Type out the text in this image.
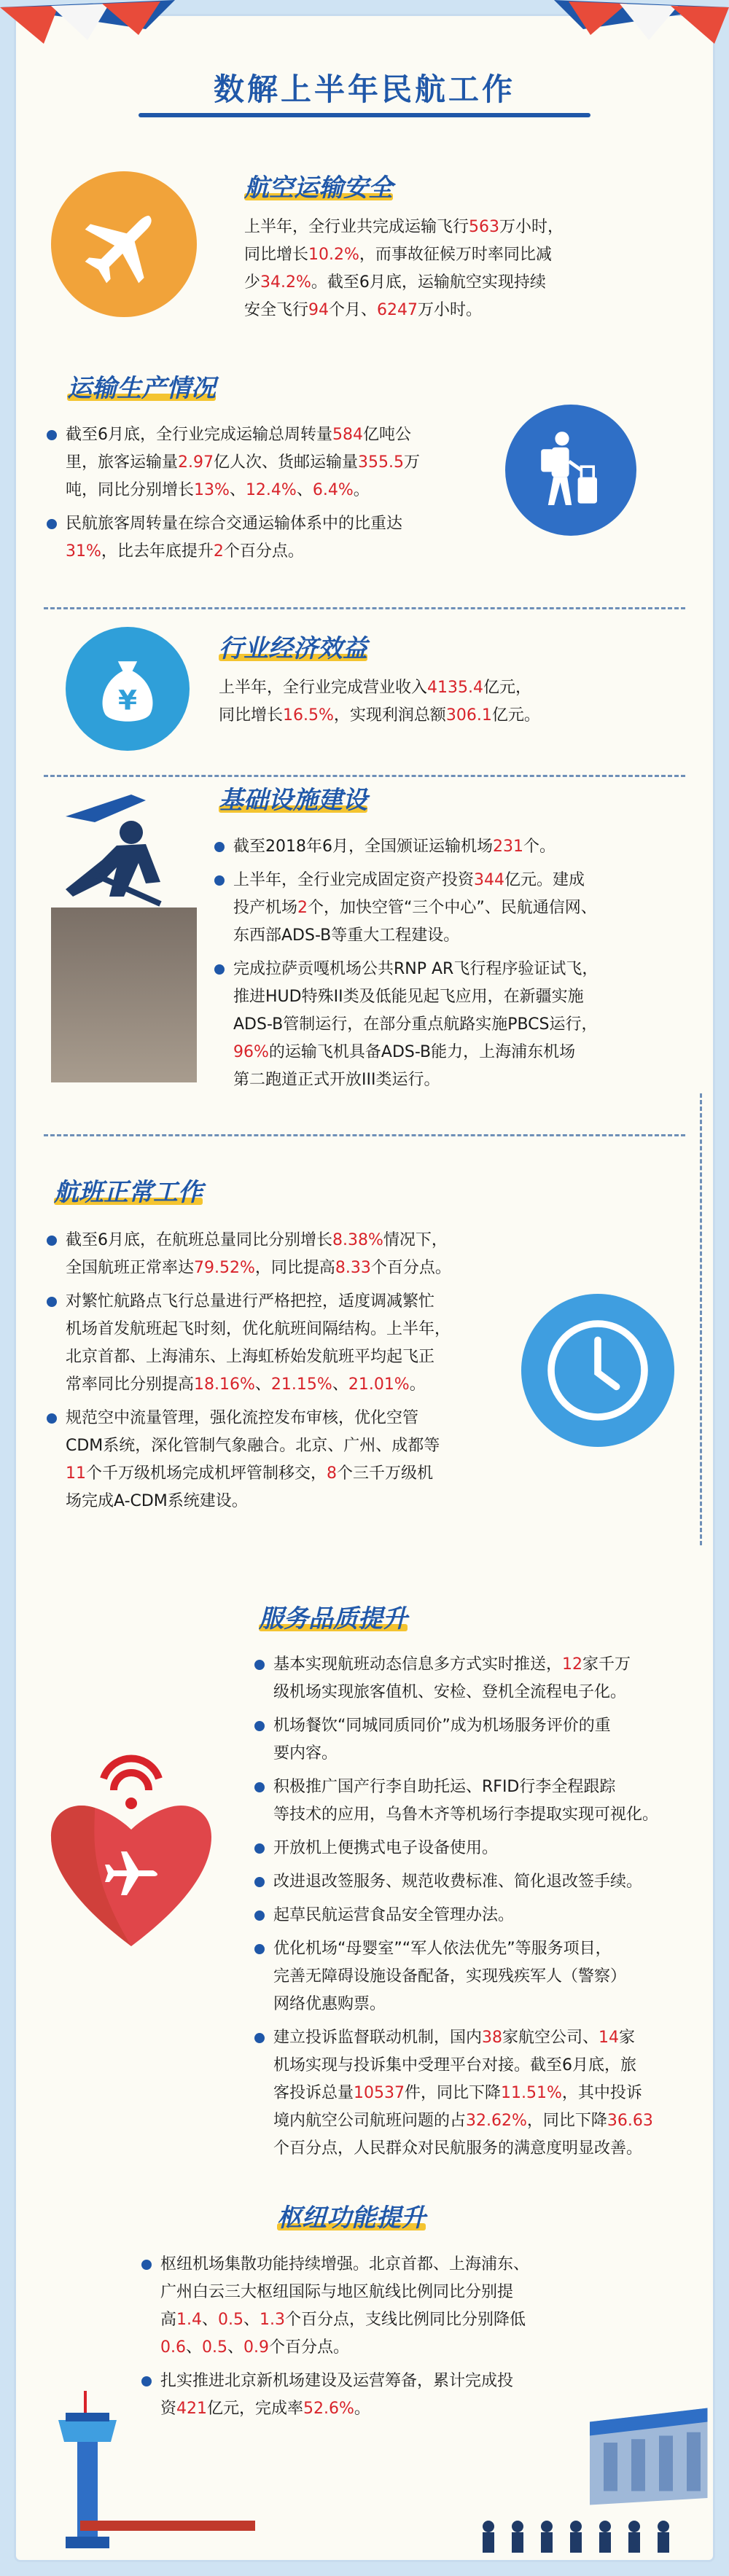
数解上半年民航工作
航空运输安全
上半年，全行业共完成运输飞行563万小时，
同比增长10.2%，而事故征候万时率同比减
少34.2%。截至6月底，运输航空实现持续
安全飞行94个月、6247万小时。
运输生产情况
截至6月底，全行业完成运输总周转量584亿吨公
里，旅客运输量2.97亿人次、货邮运输量355.5万
吨，同比分别增长13%、12.4%、6.4%。
民航旅客周转量在综合交通运输体系中的比重达
31%，比去年底提升2个百分点。
¥
行业经济效益
上半年，全行业完成营业收入4135.4亿元，
同比增长16.5%，实现利润总额306.1亿元。
基础设施建设
截至2018年6月，全国颁证运输机场231个。
上半年，全行业完成固定资产投资344亿元。建成
投产机场2个，加快空管“三个中心”、民航通信网、
东西部ADS-B等重大工程建设。
完成拉萨贡嘎机场公共RNP AR飞行程序验证试飞，
推进HUD特殊II类及低能见起飞应用，在新疆实施
ADS-B管制运行，在部分重点航路实施PBCS运行，
96%的运输飞机具备ADS-B能力，上海浦东机场
第二跑道正式开放III类运行。
航班正常工作
截至6月底，在航班总量同比分别增长8.38%情况下，
全国航班正常率达79.52%，同比提高8.33个百分点。
对繁忙航路点飞行总量进行严格把控，适度调减繁忙
机场首发航班起飞时刻，优化航班间隔结构。上半年，
北京首都、上海浦东、上海虹桥始发航班平均起飞正
常率同比分别提高18.16%、21.15%、21.01%。
规范空中流量管理，强化流控发布审核，优化空管
CDM系统，深化管制气象融合。北京、广州、成都等
11个千万级机场完成机坪管制移交，8个三千万级机
场完成A-CDM系统建设。
服务品质提升
基本实现航班动态信息多方式实时推送，12家千万
级机场实现旅客值机、安检、登机全流程电子化。
机场餐饮“同城同质同价”成为机场服务评价的重
要内容。
积极推广国产行李自助托运、RFID行李全程跟踪
等技术的应用，乌鲁木齐等机场行李提取实现可视化。
开放机上便携式电子设备使用。
改进退改签服务、规范收费标准、简化退改签手续。
起草民航运营食品安全管理办法。
优化机场“母婴室”“军人依法优先”等服务项目，
完善无障碍设施设备配备，实现残疾军人（警察）
网络优惠购票。
建立投诉监督联动机制，国内38家航空公司、14家
机场实现与投诉集中受理平台对接。截至6月底，旅
客投诉总量10537件，同比下降11.51%，其中投诉
境内航空公司航班问题的占32.62%，同比下降36.63
个百分点，人民群众对民航服务的满意度明显改善。
枢纽功能提升
枢纽机场集散功能持续增强。北京首都、上海浦东、
广州白云三大枢纽国际与地区航线比例同比分别提
高1.4、0.5、1.3个百分点，支线比例同比分别降低
0.6、0.5、0.9个百分点。
扎实推进北京新机场建设及运营筹备，累计完成投
资421亿元，完成率52.6%。
